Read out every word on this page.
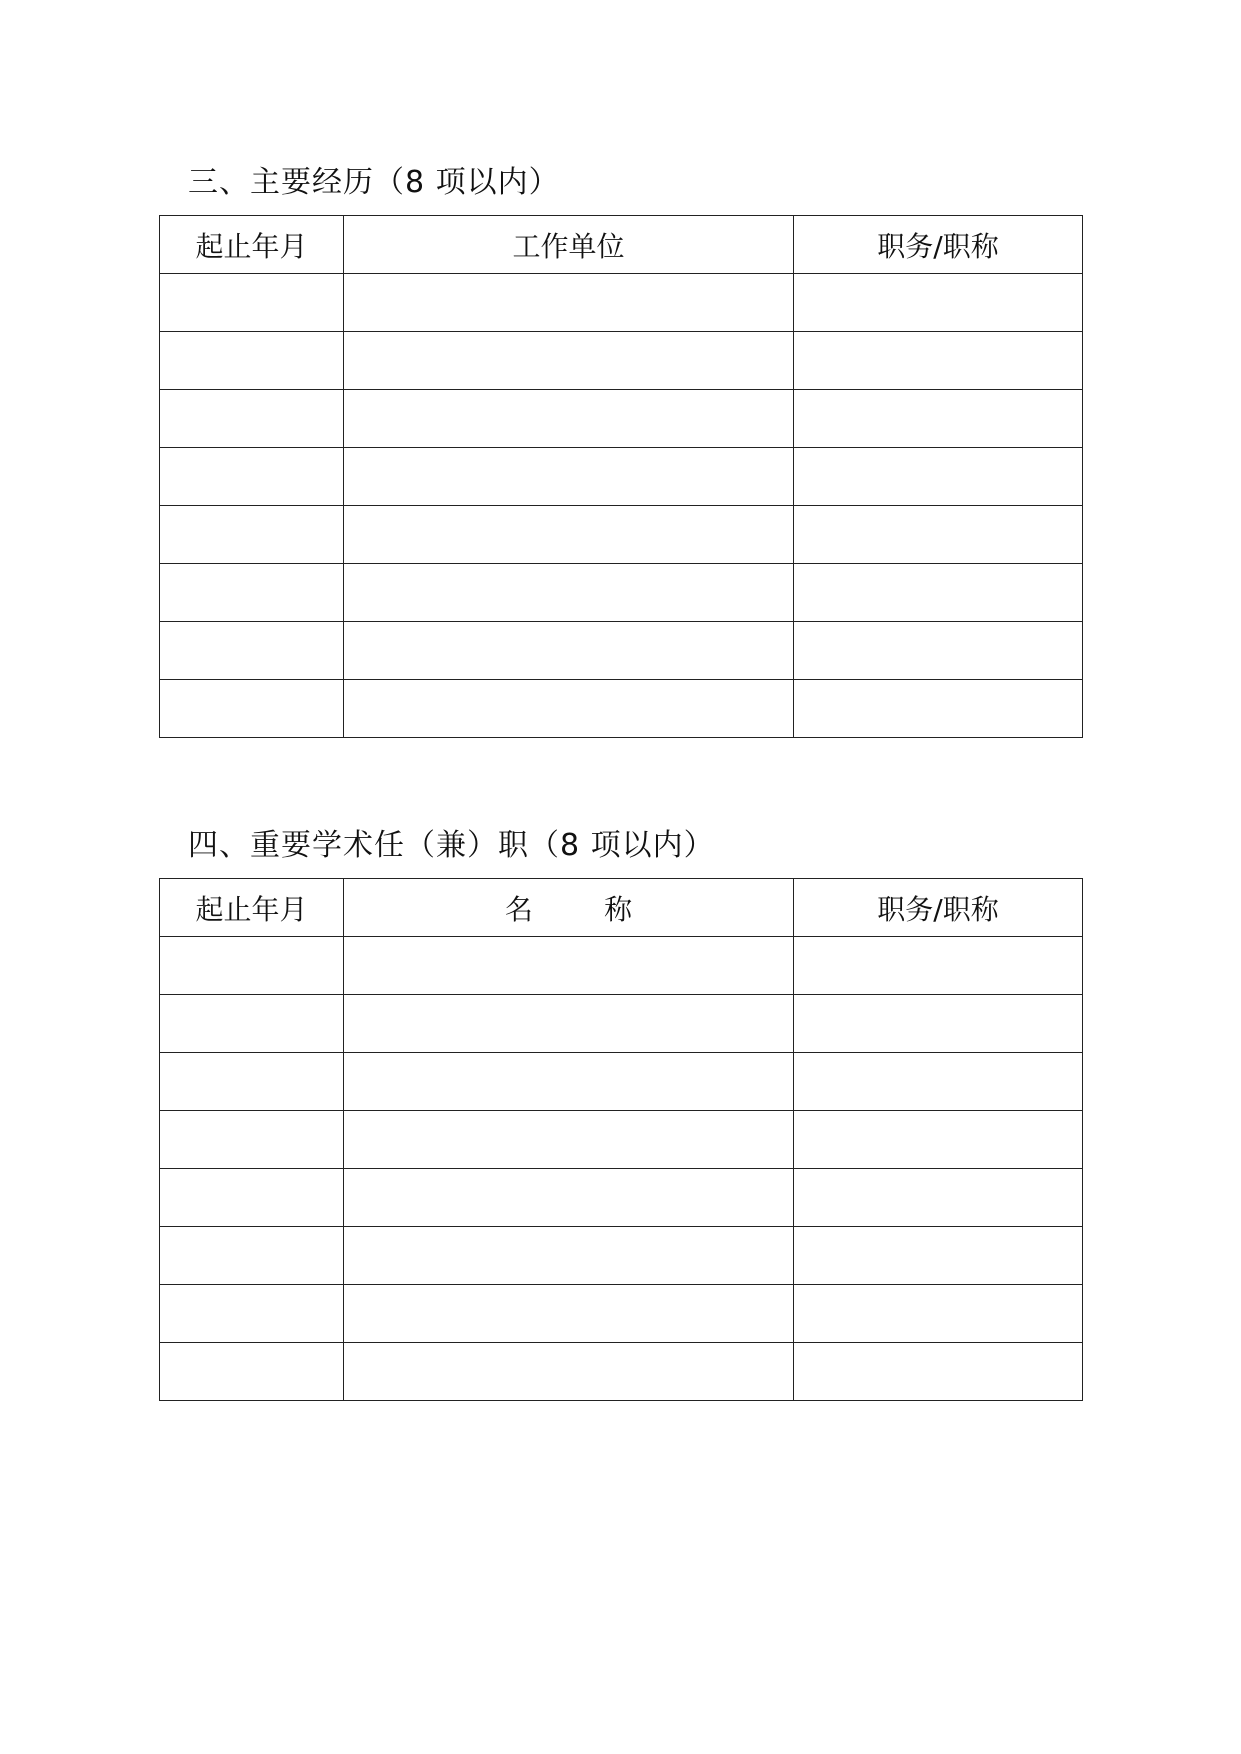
三、主要经历（8 项以内）
起止年月	工作单位	职务/职称

四、重要学术任（兼）职（8 项以内）
起止年月	名        称	职务/职称
